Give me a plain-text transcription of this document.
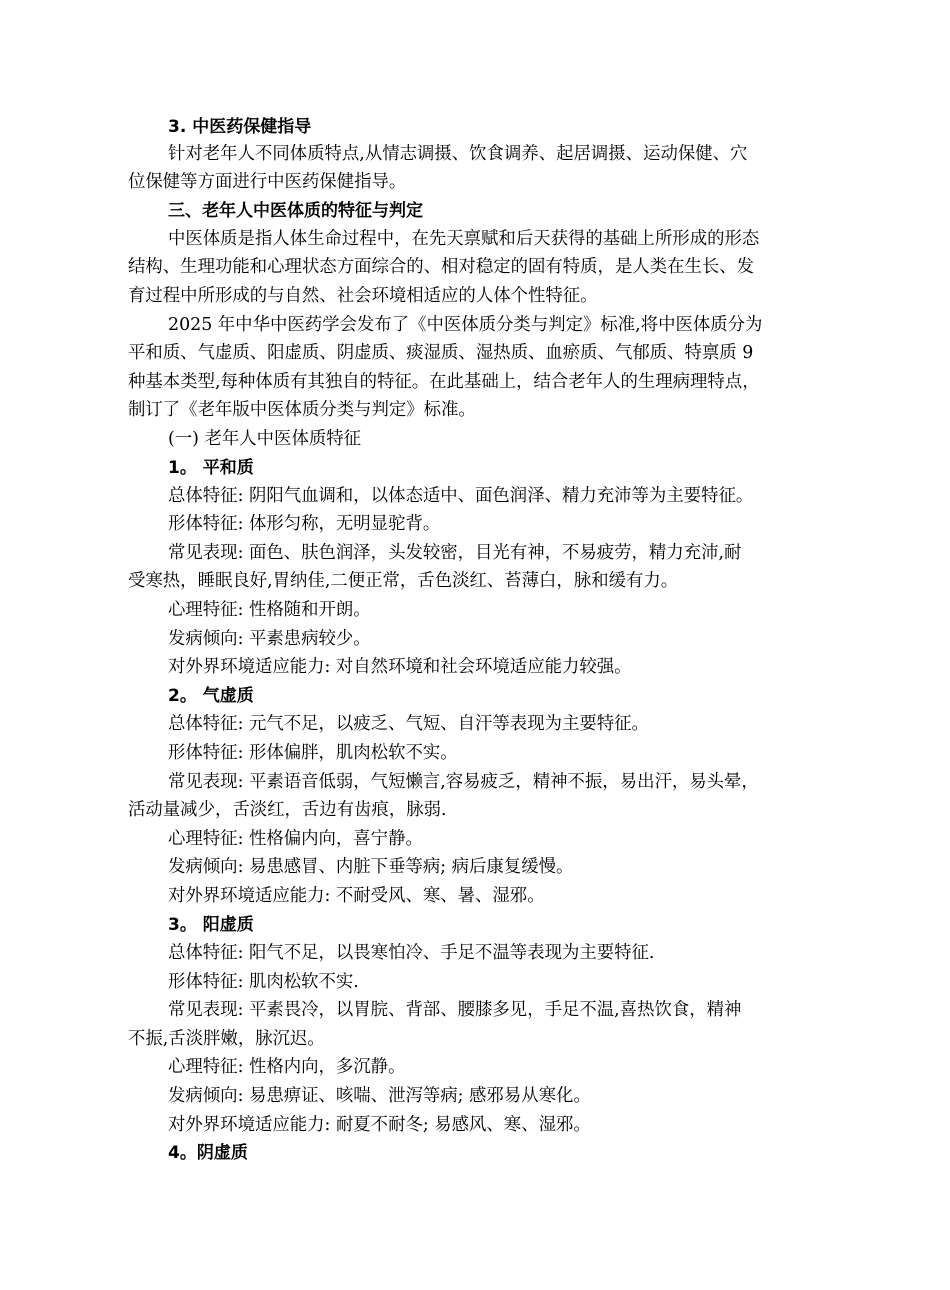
3. 中医药保健指导
针对老年人不同体质特点,从情志调摄、饮食调养、起居调摄、运动保健、穴
位保健等方面进行中医药保健指导。
三、老年人中医体质的特征与判定
中医体质是指人体生命过程中，在先天禀赋和后天获得的基础上所形成的形态
结构、生理功能和心理状态方面综合的、相对稳定的固有特质，是人类在生长、发
育过程中所形成的与自然、社会环境相适应的人体个性特征。
2025 年中华中医药学会发布了《中医体质分类与判定》标准,将中医体质分为
平和质、气虚质、阳虚质、阴虚质、痰湿质、湿热质、血瘀质、气郁质、特禀质 9
种基本类型,每种体质有其独自的特征。在此基础上，结合老年人的生理病理特点，
制订了《老年版中医体质分类与判定》标准。
(一) 老年人中医体质特征
1。 平和质
总体特征: 阴阳气血调和，以体态适中、面色润泽、精力充沛等为主要特征。
形体特征: 体形匀称，无明显驼背。
常见表现: 面色、肤色润泽，头发较密，目光有神，不易疲劳，精力充沛,耐
受寒热，睡眠良好,胃纳佳,二便正常，舌色淡红、苔薄白，脉和缓有力。
心理特征: 性格随和开朗。
发病倾向: 平素患病较少。
对外界环境适应能力: 对自然环境和社会环境适应能力较强。
2。 气虚质
总体特征: 元气不足，以疲乏、气短、自汗等表现为主要特征。
形体特征: 形体偏胖，肌肉松软不实。
常见表现: 平素语音低弱，气短懒言,容易疲乏，精神不振，易出汗，易头晕，
活动量减少，舌淡红，舌边有齿痕，脉弱.
心理特征: 性格偏内向，喜宁静。
发病倾向: 易患感冒、内脏下垂等病; 病后康复缓慢。
对外界环境适应能力: 不耐受风、寒、暑、湿邪。
3。 阳虚质
总体特征: 阳气不足，以畏寒怕冷、手足不温等表现为主要特征.
形体特征: 肌肉松软不实.
常见表现: 平素畏冷，以胃脘、背部、腰膝多见，手足不温,喜热饮食，精神
不振,舌淡胖嫩，脉沉迟。
心理特征: 性格内向，多沉静。
发病倾向: 易患痹证、咳喘、泄泻等病; 感邪易从寒化。
对外界环境适应能力: 耐夏不耐冬; 易感风、寒、湿邪。
4。阴虚质
